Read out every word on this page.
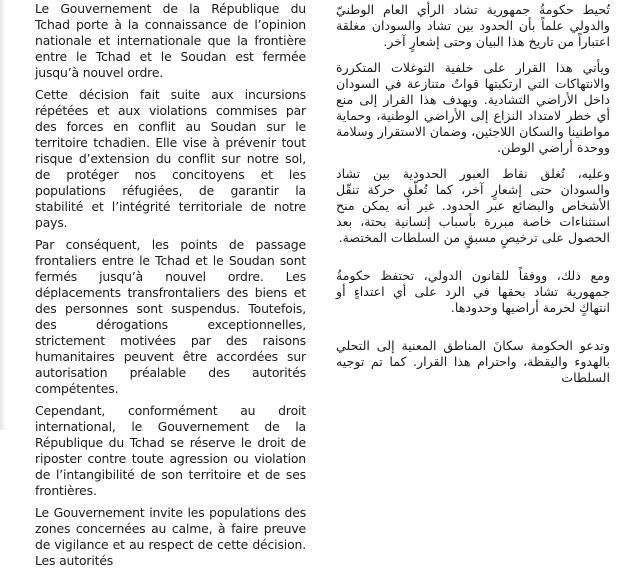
Le Gouvernement de la République du Tchad porte à la connaissance de l’opinion nationale et internationale que la frontière entre le Tchad et le Soudan est fermée jusqu’à nouvel ordre.

Cette décision fait suite aux incursions répétées et aux violations commises par des forces en conflit au Soudan sur le territoire tchadien. Elle vise à prévenir tout risque d’extension du conflit sur notre sol, de protéger nos concitoyens et les populations réfugiées, de garantir la stabilité et l’intégrité territoriale de notre pays.

Par conséquent, les points de passage frontaliers entre le Tchad et le Soudan sont fermés jusqu’à nouvel ordre. Les déplacements transfrontaliers des biens et des personnes sont suspendus. Toutefois, des dérogations exceptionnelles, strictement motivées par des raisons humanitaires peuvent être accordées sur autorisation préalable des autorités compétentes.

Cependant, conformément au droit international, le Gouvernement de la République du Tchad se réserve le droit de riposter contre toute agression ou violation de l’intangibilité de son territoire et de ses frontières.

Le Gouvernement invite les populations des zones concernées au calme, à faire preuve de vigilance et au respect de cette décision. Les autorités

تُحيط حكومةُ جمهورية تشاد الرأي العام الوطنيّ والدولي علماً بأن الحدود بين تشاد والسودان مغلقة اعتباراً من تاريخ هذا البيان وحتى إشعارٍ آخر.

ويأتي هذا القرار على خلفية التوغلات المتكررة والانتهاكات التي ارتكبتها قواتٌ متنازعة في السودان داخل الأراضي التشادية. ويهدف هذا القرار إلى منع أي خطر لامتداد النزاع إلى الأراضي الوطنية، وحماية مواطنينا والسكان اللاجئين، وضمان الاستقرار وسلامة ووحدة أراضي الوطن.

وعليه، تُغلق نقاط العبور الحدودية بين تشاد والسودان حتى إشعارٍ آخر، كما تُعلّق حركة تنقّل الأشخاص والبضائع عبر الحدود. غير أنه يمكن منح استثناءات خاصة مبررة بأسباب إنسانية بحتة، بعد الحصول على ترخيصٍ مسبقٍ من السلطات المختصة.

ومع ذلك، ووفقاً للقانون الدولي، تحتفظ حكومةُ جمهورية تشاد بحقها في الرد على أي اعتداءٍ أو انتهاكٍ لحرمة أراضيها وحدودها.

وتدعو الحكومة سكانَ المناطق المعنية إلى التحلي بالهدوء واليقظة، واحترام هذا القرار. كما تم توجيه السلطات
